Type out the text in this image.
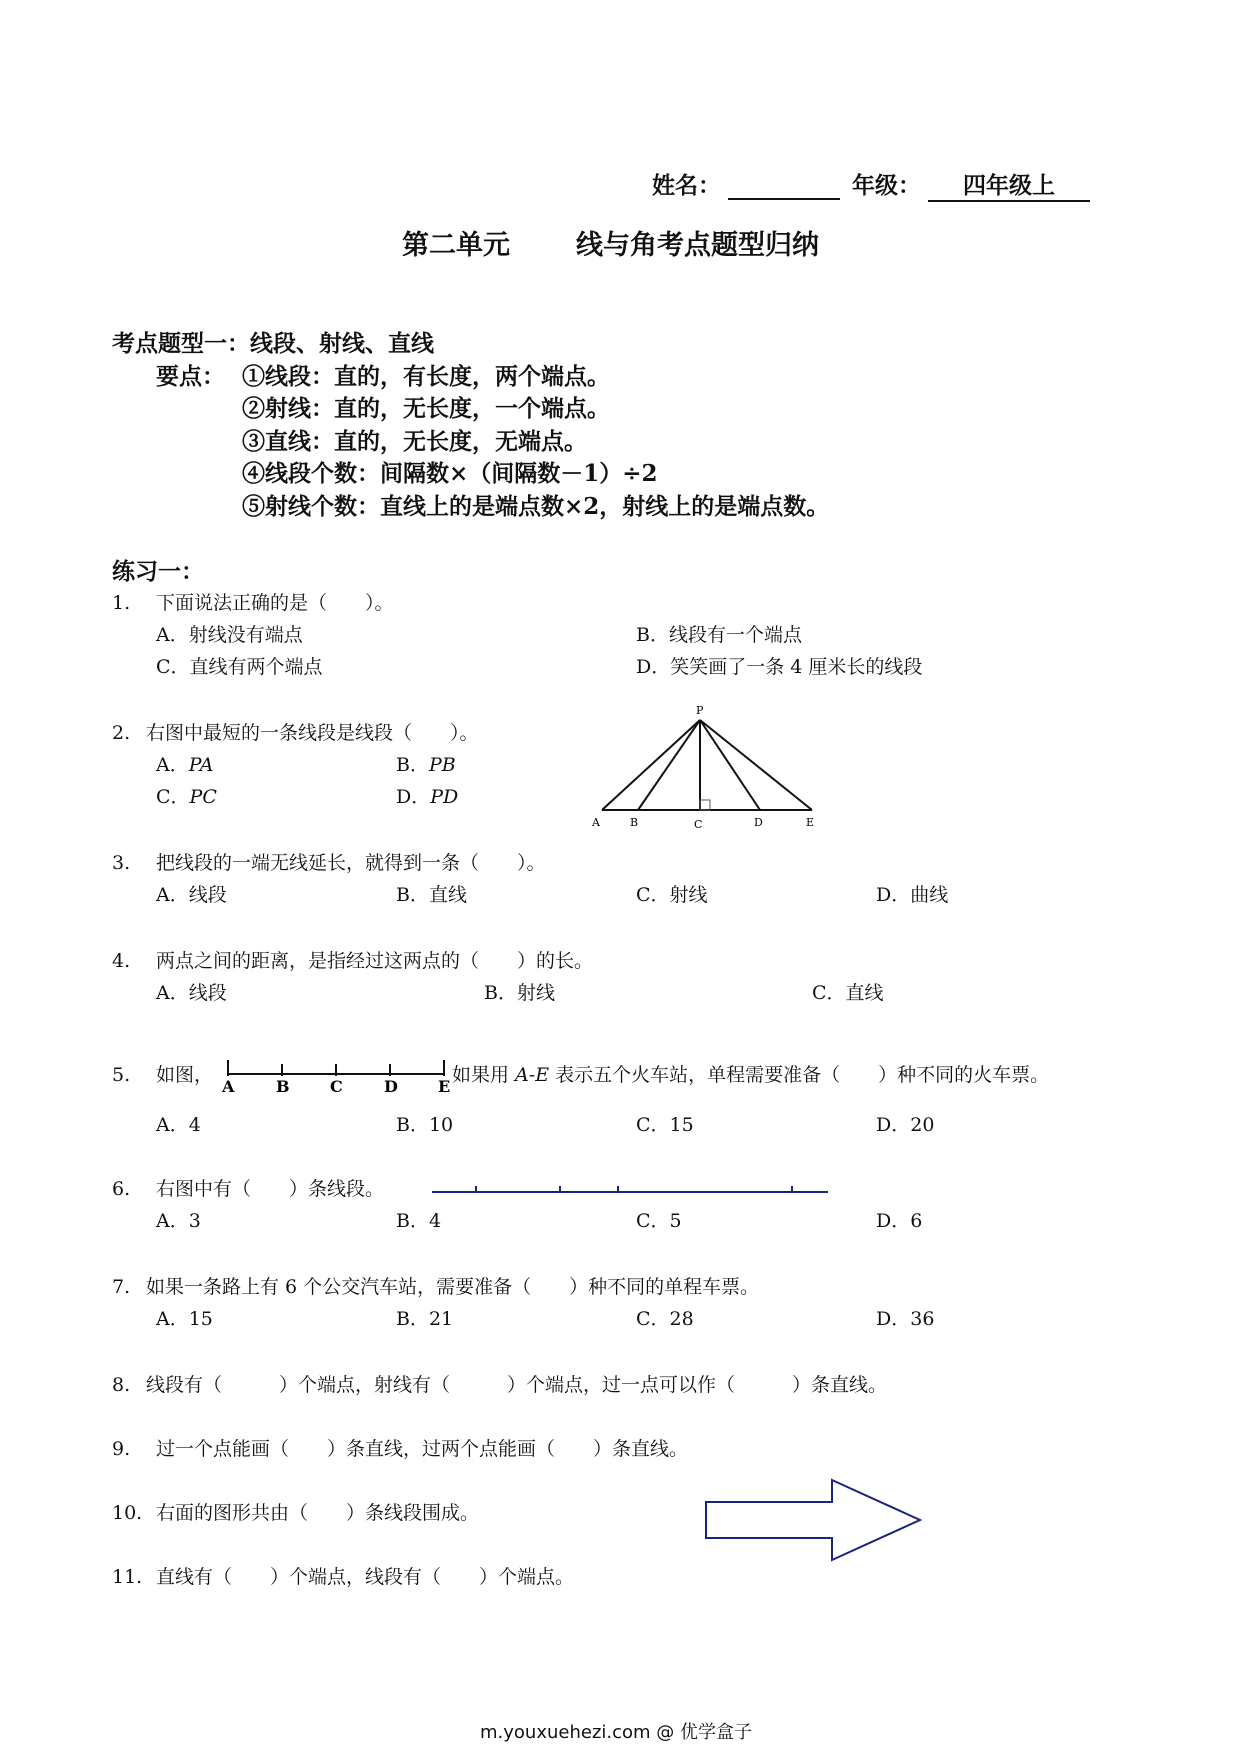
姓名：	年级：	四年级上
第二单元 线与角考点题型归纳
考点题型一：线段、射线、直线
要点： ①线段：直的，有长度，两个端点。
②射线：直的，无长度，一个端点。
③直线：直的，无长度，无端点。
④线段个数：间隔数×（间隔数－1）÷2
⑤射线个数：直线上的是端点数×2，射线上的是端点数。
练习一：
1. 下面说法正确的是（　　）。
A．射线没有端点	B．线段有一个端点
C．直线有两个端点	D．笑笑画了一条 4 厘米长的线段
2. 右图中最短的一条线段是线段（　　）。
A．PA	B．PB
C．PC	D．PD
P
A	B	C	D	E
3. 把线段的一端无线延长，就得到一条（　　）。
A．线段	B．直线	C．射线	D．曲线
4. 两点之间的距离，是指经过这两点的（　　）的长。
A．线段	B．射线	C．直线
5. 如图，
A	B	C	D	E
如果用 A-E 表示五个火车站，单程需要准备（　　）种不同的火车票。
A．4	B．10	C．15	D．20
6. 右图中有（　　）条线段。
A．3	B．4	C．5	D．6
7. 如果一条路上有 6 个公交汽车站，需要准备（　　）种不同的单程车票。
A．15	B．21	C．28	D．36
8. 线段有（　　　）个端点，射线有（　　　）个端点，过一点可以作（　　　）条直线。
9. 过一个点能画（　　）条直线，过两个点能画（　　）条直线。
10. 右面的图形共由（　　）条线段围成。
11. 直线有（　　）个端点，线段有（　　）个端点。
m.youxuehezi.com @ 优学盒子
